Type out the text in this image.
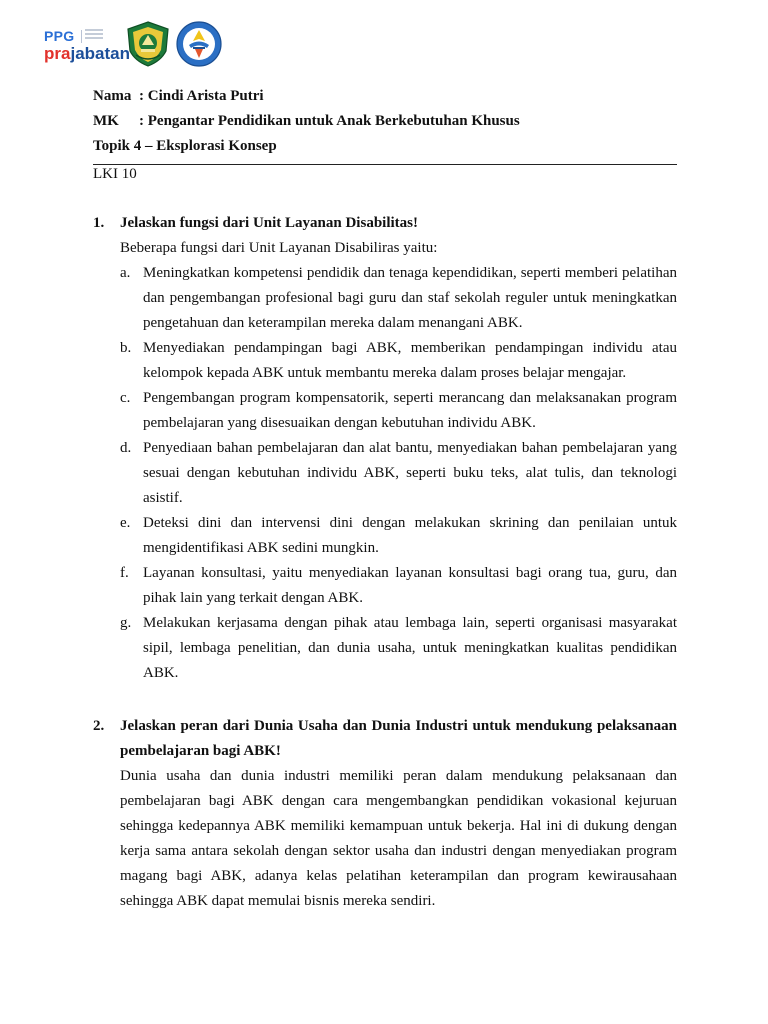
PPG
prajabatan
Nama : Cindi Arista Putri
MK : Pengantar Pendidikan untuk Anak Berkebutuhan Khusus
Topik 4 – Eksplorasi Konsep
LKI 10
1. Jelaskan fungsi dari Unit Layanan Disabilitas!
Beberapa fungsi dari Unit Layanan Disabiliras yaitu:
a. Meningkatkan kompetensi pendidik dan tenaga kependidikan, seperti memberi pelatihan dan pengembangan profesional bagi guru dan staf sekolah reguler untuk meningkatkan pengetahuan dan keterampilan mereka dalam menangani ABK.
b. Menyediakan pendampingan bagi ABK, memberikan pendampingan individu atau kelompok kepada ABK untuk membantu mereka dalam proses belajar mengajar.
c. Pengembangan program kompensatorik, seperti merancang dan melaksanakan program pembelajaran yang disesuaikan dengan kebutuhan individu ABK.
d. Penyediaan bahan pembelajaran dan alat bantu, menyediakan bahan pembelajaran yang sesuai dengan kebutuhan individu ABK, seperti buku teks, alat tulis, dan teknologi asistif.
e. Deteksi dini dan intervensi dini dengan melakukan skrining dan penilaian untuk mengidentifikasi ABK sedini mungkin.
f. Layanan konsultasi, yaitu menyediakan layanan konsultasi bagi orang tua, guru, dan pihak lain yang terkait dengan ABK.
g. Melakukan kerjasama dengan pihak atau lembaga lain, seperti organisasi masyarakat sipil, lembaga penelitian, dan dunia usaha, untuk meningkatkan kualitas pendidikan ABK.
2. Jelaskan peran dari Dunia Usaha dan Dunia Industri untuk mendukung pelaksanaan pembelajaran bagi ABK!
Dunia usaha dan dunia industri memiliki peran dalam mendukung pelaksanaan dan pembelajaran bagi ABK dengan cara mengembangkan pendidikan vokasional kejuruan sehingga kedepannya ABK memiliki kemampuan untuk bekerja. Hal ini di dukung dengan kerja sama antara sekolah dengan sektor usaha dan industri dengan menyediakan program magang bagi ABK, adanya kelas pelatihan keterampilan dan program kewirausahaan sehingga ABK dapat memulai bisnis mereka sendiri.
